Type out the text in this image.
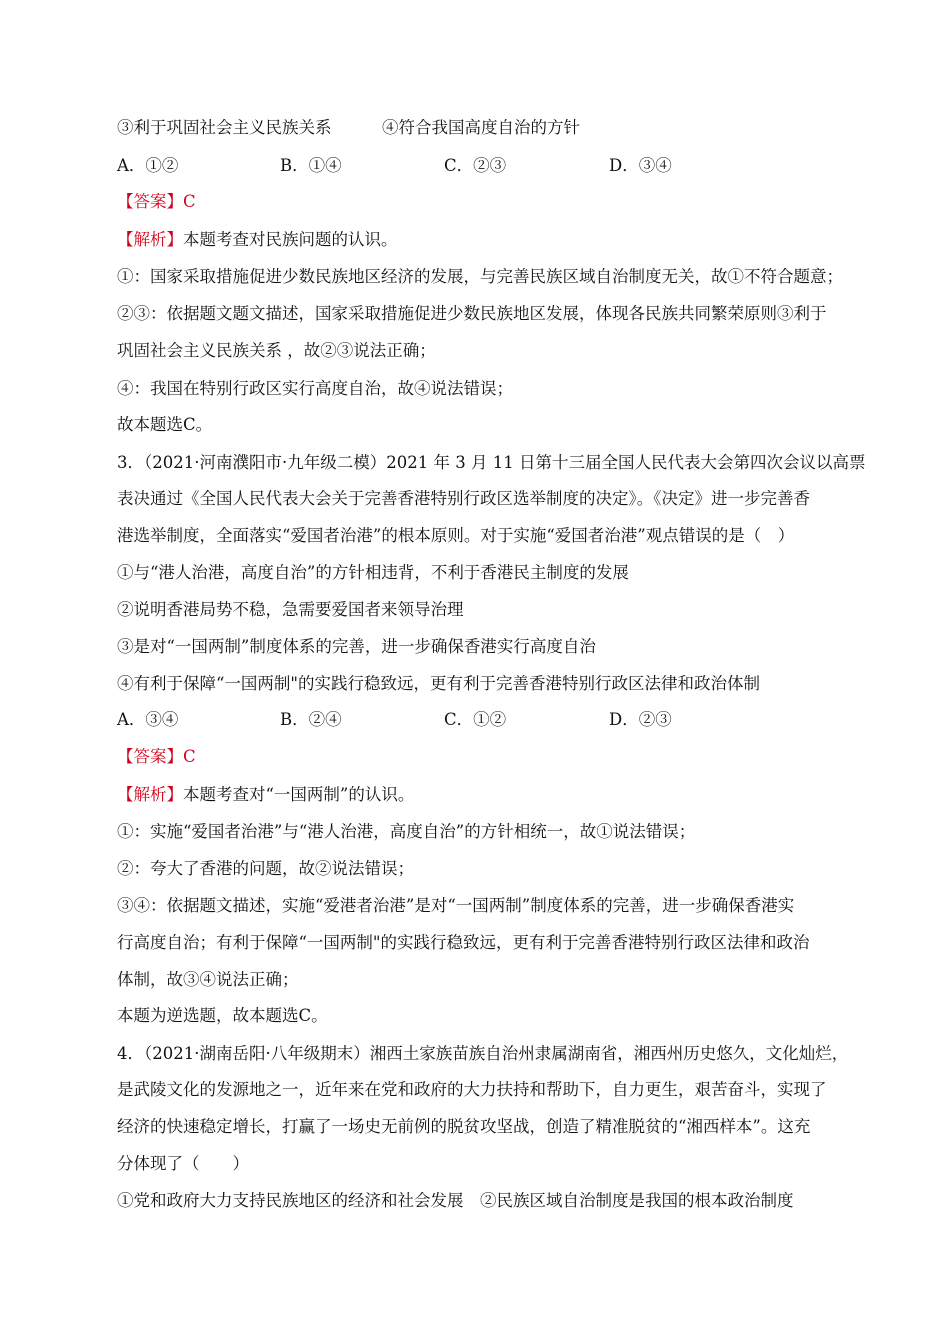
③利于巩固社会主义民族关系	④符合我国高度自治的方针
A．①②	B．①④	C．②③	D．③④
【答案】C
【解析】本题考查对民族问题的认识。
①：国家采取措施促进少数民族地区经济的发展，与完善民族区域自治制度无关，故①不符合题意；
②③：依据题文题文描述，国家采取措施促进少数民族地区发展，体现各民族共同繁荣原则③利于
巩固社会主义民族关系 ，故②③说法正确；
④：我国在特别行政区实行高度自治，故④说法错误；
故本题选C。
3．（2021·河南濮阳市·九年级二模）2021 年 3 月 11 日第十三届全国人民代表大会第四次会议以高票
表决通过《全国人民代表大会关于完善香港特别行政区选举制度的决定》。《决定》进一步完善香
港选举制度，全面落实“爱国者治港”的根本原则。对于实施“爱国者治港”观点错误的是（　）
①与“港人治港，高度自治”的方针相违背，不利于香港民主制度的发展
②说明香港局势不稳，急需要爱国者来领导治理
③是对“一国两制”制度体系的完善，进一步确保香港实行高度自治
④有利于保障“一国两制"的实践行稳致远，更有利于完善香港特别行政区法律和政治体制
A．③④	B．②④	C．①②	D．②③
【答案】C
【解析】本题考查对“一国两制”的认识。
①：实施“爱国者治港”与“港人治港，高度自治”的方针相统一，故①说法错误；
②：夸大了香港的问题，故②说法错误；
③④：依据题文描述，实施“爱港者治港”是对“一国两制”制度体系的完善，进一步确保香港实
行高度自治；有利于保障“一国两制"的实践行稳致远，更有利于完善香港特别行政区法律和政治
体制，故③④说法正确；
本题为逆选题，故本题选C。
4．（2021·湖南岳阳·八年级期末）湘西土家族苗族自治州隶属湖南省，湘西州历史悠久，文化灿烂，
是武陵文化的发源地之一，近年来在党和政府的大力扶持和帮助下，自力更生，艰苦奋斗，实现了
经济的快速稳定增长，打赢了一场史无前例的脱贫攻坚战，创造了精准脱贫的“湘西样本”。这充
分体现了（　　）
①党和政府大力支持民族地区的经济和社会发展　②民族区域自治制度是我国的根本政治制度
